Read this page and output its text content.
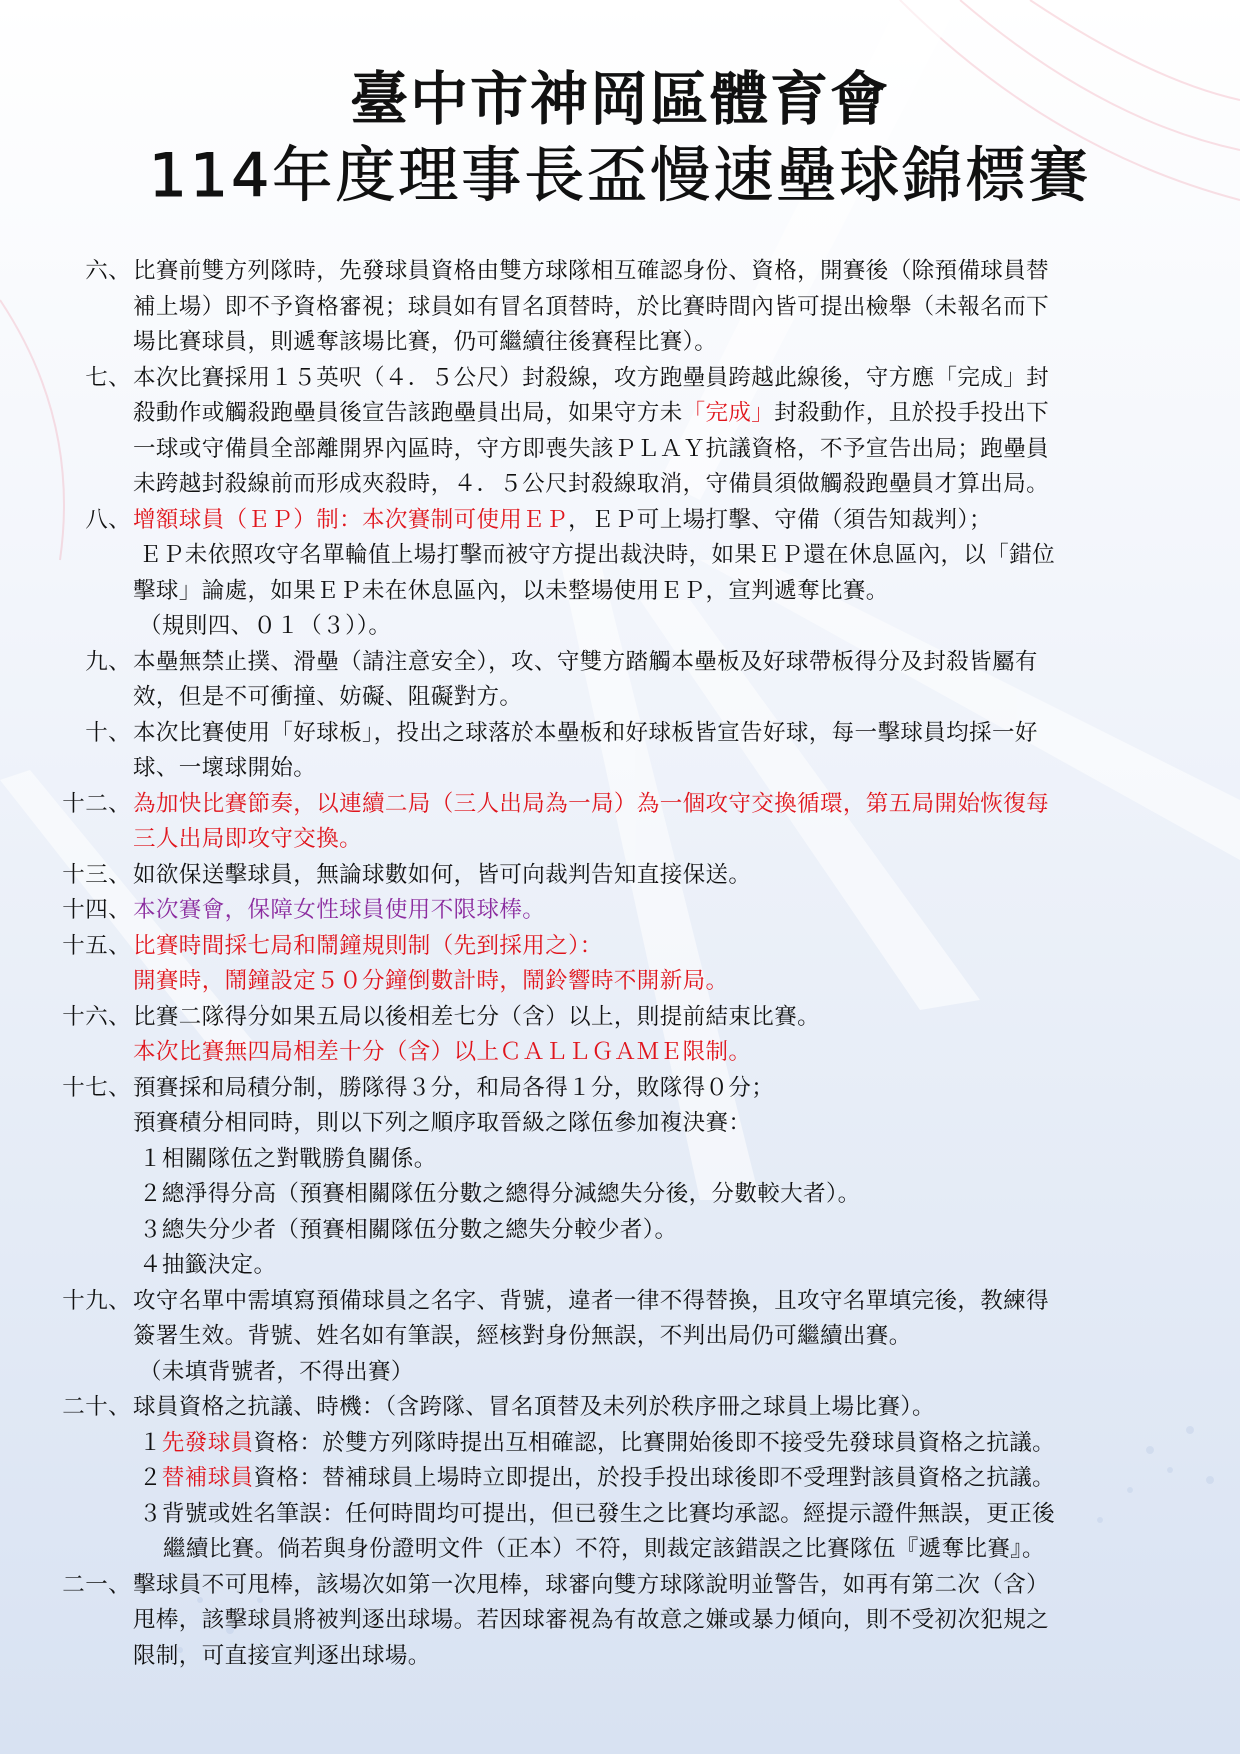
臺中市神岡區體育會
114年度理事長盃慢速壘球錦標賽
六、 比賽前雙方列隊時，先發球員資格由雙方球隊相互確認身份、資格，開賽後（除預備球員替
補上場）即不予資格審視；球員如有冒名頂替時，於比賽時間內皆可提出檢舉（未報名而下
場比賽球員，則遞奪該場比賽，仍可繼續往後賽程比賽）。
七、 本次比賽採用１５英呎（４．５公尺）封殺線，攻方跑壘員跨越此線後，守方應「完成」封
殺動作或觸殺跑壘員後宣告該跑壘員出局，如果守方未「完成」封殺動作，且於投手投出下
一球或守備員全部離開界內區時，守方即喪失該ＰＬＡＹ抗議資格，不予宣告出局；跑壘員
未跨越封殺線前而形成夾殺時，４．５公尺封殺線取消，守備員須做觸殺跑壘員才算出局。
八、 增額球員（ＥＰ）制：本次賽制可使用ＥＰ，ＥＰ可上場打擊、守備（須告知裁判）；
ＥＰ未依照攻守名單輪值上場打擊而被守方提出裁決時，如果ＥＰ還在休息區內，以「錯位
擊球」論處，如果ＥＰ未在休息區內，以未整場使用ＥＰ，宣判遞奪比賽。
（規則四、０１（３））。
九、 本壘無禁止撲、滑壘（請注意安全），攻、守雙方踏觸本壘板及好球帶板得分及封殺皆屬有
效，但是不可衝撞、妨礙、阻礙對方。
十、 本次比賽使用「好球板」，投出之球落於本壘板和好球板皆宣告好球，每一擊球員均採一好
球、一壞球開始。
十二、 為加快比賽節奏，以連續二局（三人出局為一局）為一個攻守交換循環，第五局開始恢復每
三人出局即攻守交換。
十三、 如欲保送擊球員，無論球數如何，皆可向裁判告知直接保送。
十四、 本次賽會，保障女性球員使用不限球棒。
十五、 比賽時間採七局和鬧鐘規則制（先到採用之）：
開賽時，鬧鐘設定５０分鐘倒數計時，鬧鈴響時不開新局。
十六、 比賽二隊得分如果五局以後相差七分（含）以上，則提前結束比賽。
本次比賽無四局相差十分（含）以上ＣＡＬＬＧＡＭＥ限制。
十七、 預賽採和局積分制，勝隊得３分，和局各得１分，敗隊得０分；
預賽積分相同時，則以下列之順序取晉級之隊伍參加複決賽：
１相關隊伍之對戰勝負關係。
２總淨得分高（預賽相關隊伍分數之總得分減總失分後，分數較大者）。
３總失分少者（預賽相關隊伍分數之總失分較少者）。
４抽籤決定。
十九、 攻守名單中需填寫預備球員之名字、背號，違者一律不得替換，且攻守名單填完後，教練得
簽署生效。背號、姓名如有筆誤，經核對身份無誤，不判出局仍可繼續出賽。
（未填背號者，不得出賽）
二十、 球員資格之抗議、時機：（含跨隊、冒名頂替及未列於秩序冊之球員上場比賽）。
１先發球員資格：於雙方列隊時提出互相確認，比賽開始後即不接受先發球員資格之抗議。
２替補球員資格：替補球員上場時立即提出，於投手投出球後即不受理對該員資格之抗議。
３背號或姓名筆誤：任何時間均可提出，但已發生之比賽均承認。經提示證件無誤，更正後
繼續比賽。倘若與身份證明文件（正本）不符，則裁定該錯誤之比賽隊伍『遞奪比賽』。
二一、 擊球員不可甩棒，該場次如第一次甩棒，球審向雙方球隊說明並警告，如再有第二次（含）
甩棒，該擊球員將被判逐出球場。若因球審視為有故意之嫌或暴力傾向，則不受初次犯規之
限制，可直接宣判逐出球場。
